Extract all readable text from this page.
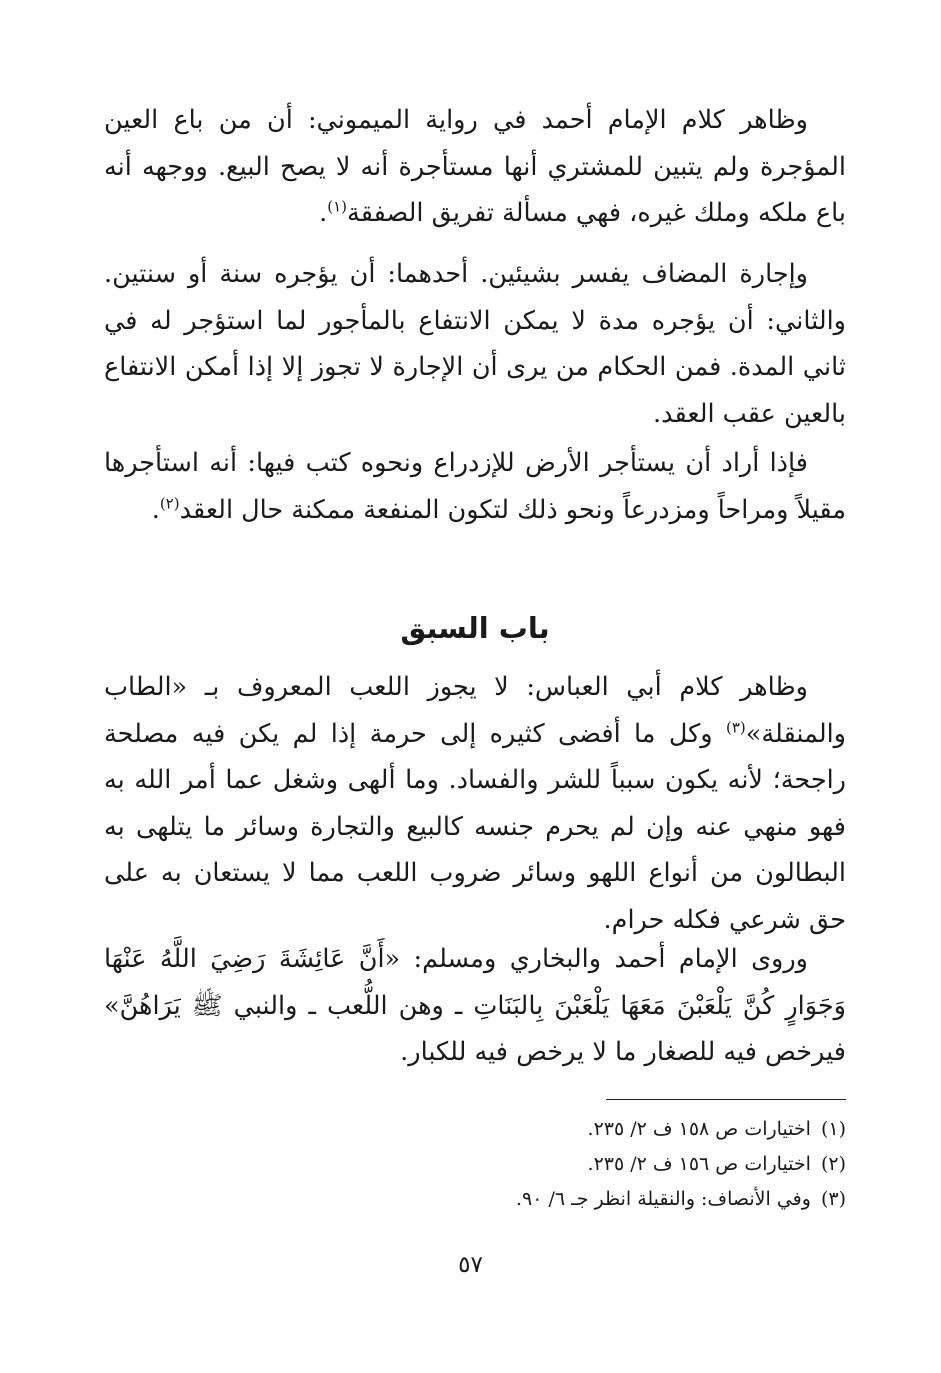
وظاهر كلام الإمام أحمد في رواية الميموني: أن من باع العين المؤجرة ولم يتبين للمشتري أنها مستأجرة أنه لا يصح البيع. ووجهه أنه باع ملكه وملك غيره، فهي مسألة تفريق الصفقة$^{(١)}$.

وإجارة المضاف يفسر بشيئين. أحدهما: أن يؤجره سنة أو سنتين. والثاني: أن يؤجره مدة لا يمكن الانتفاع بالمأجور لما استؤجر له في ثاني المدة. فمن الحكام من يرى أن الإجارة لا تجوز إلا إذا أمكن الانتفاع بالعين عقب العقد.

فإذا أراد أن يستأجر الأرض للإزدراع ونحوه كتب فيها: أنه استأجرها مقيلاً ومراحاً ومزدرعاً ونحو ذلك لتكون المنفعة ممكنة حال العقد$^{(٢)}$.

باب السبق

وظاهر كلام أبي العباس: لا يجوز اللعب المعروف بـ «الطاب والمنقلة»$^{(٣)}$ وكل ما أفضى كثيره إلى حرمة إذا لم يكن فيه مصلحة راجحة؛ لأنه يكون سبباً للشر والفساد. وما ألهى وشغل عما أمر الله به فهو منهي عنه وإن لم يحرم جنسه كالبيع والتجارة وسائر ما يتلهى به البطالون من أنواع اللهو وسائر ضروب اللعب مما لا يستعان به على حق شرعي فكله حرام.

وروى الإمام أحمد والبخاري ومسلم: «أَنَّ عَائِشَةَ رَضِيَ اللَّهُ عَنْهَا وَجَوَارٍ كُنَّ يَلْعَبْنَ مَعَهَا يَلْعَبْنَ بِالبَنَاتِ ـ وهن اللُّعب ـ والنبي ﷺ يَرَاهُنَّ» فيرخص فيه للصغار ما لا يرخص فيه للكبار.

(١)اختيارات ص ١٥٨ ف ٢/ ٢٣٥.

(٢)اختيارات ص ١٥٦ ف ٢/ ٢٣٥.

(٣)وفي الأنصاف: والنقيلة انظر جـ ٦/ ٩٠.

٥٧
